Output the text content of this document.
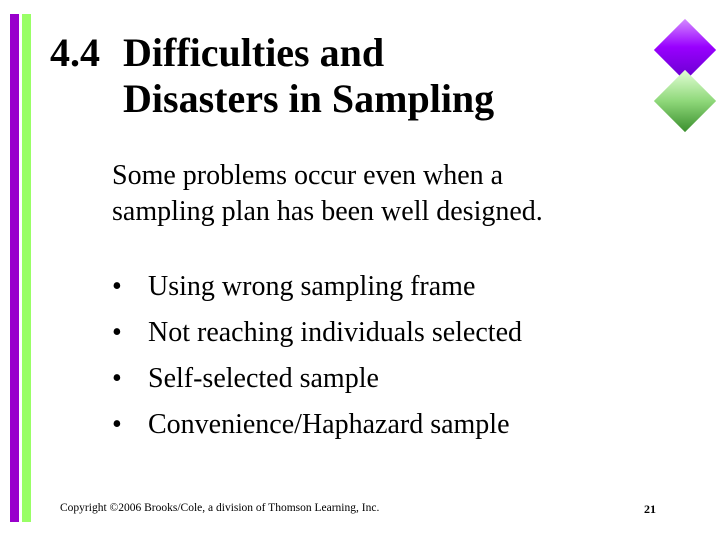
4.4 Difficulties and
Disasters in Sampling
Some problems occur even when a
sampling plan has been well designed.
• Using wrong sampling frame
• Not reaching individuals selected
• Self-selected sample
• Convenience/Haphazard sample
Copyright ©2006 Brooks/Cole, a division of Thomson Learning, Inc.	21
